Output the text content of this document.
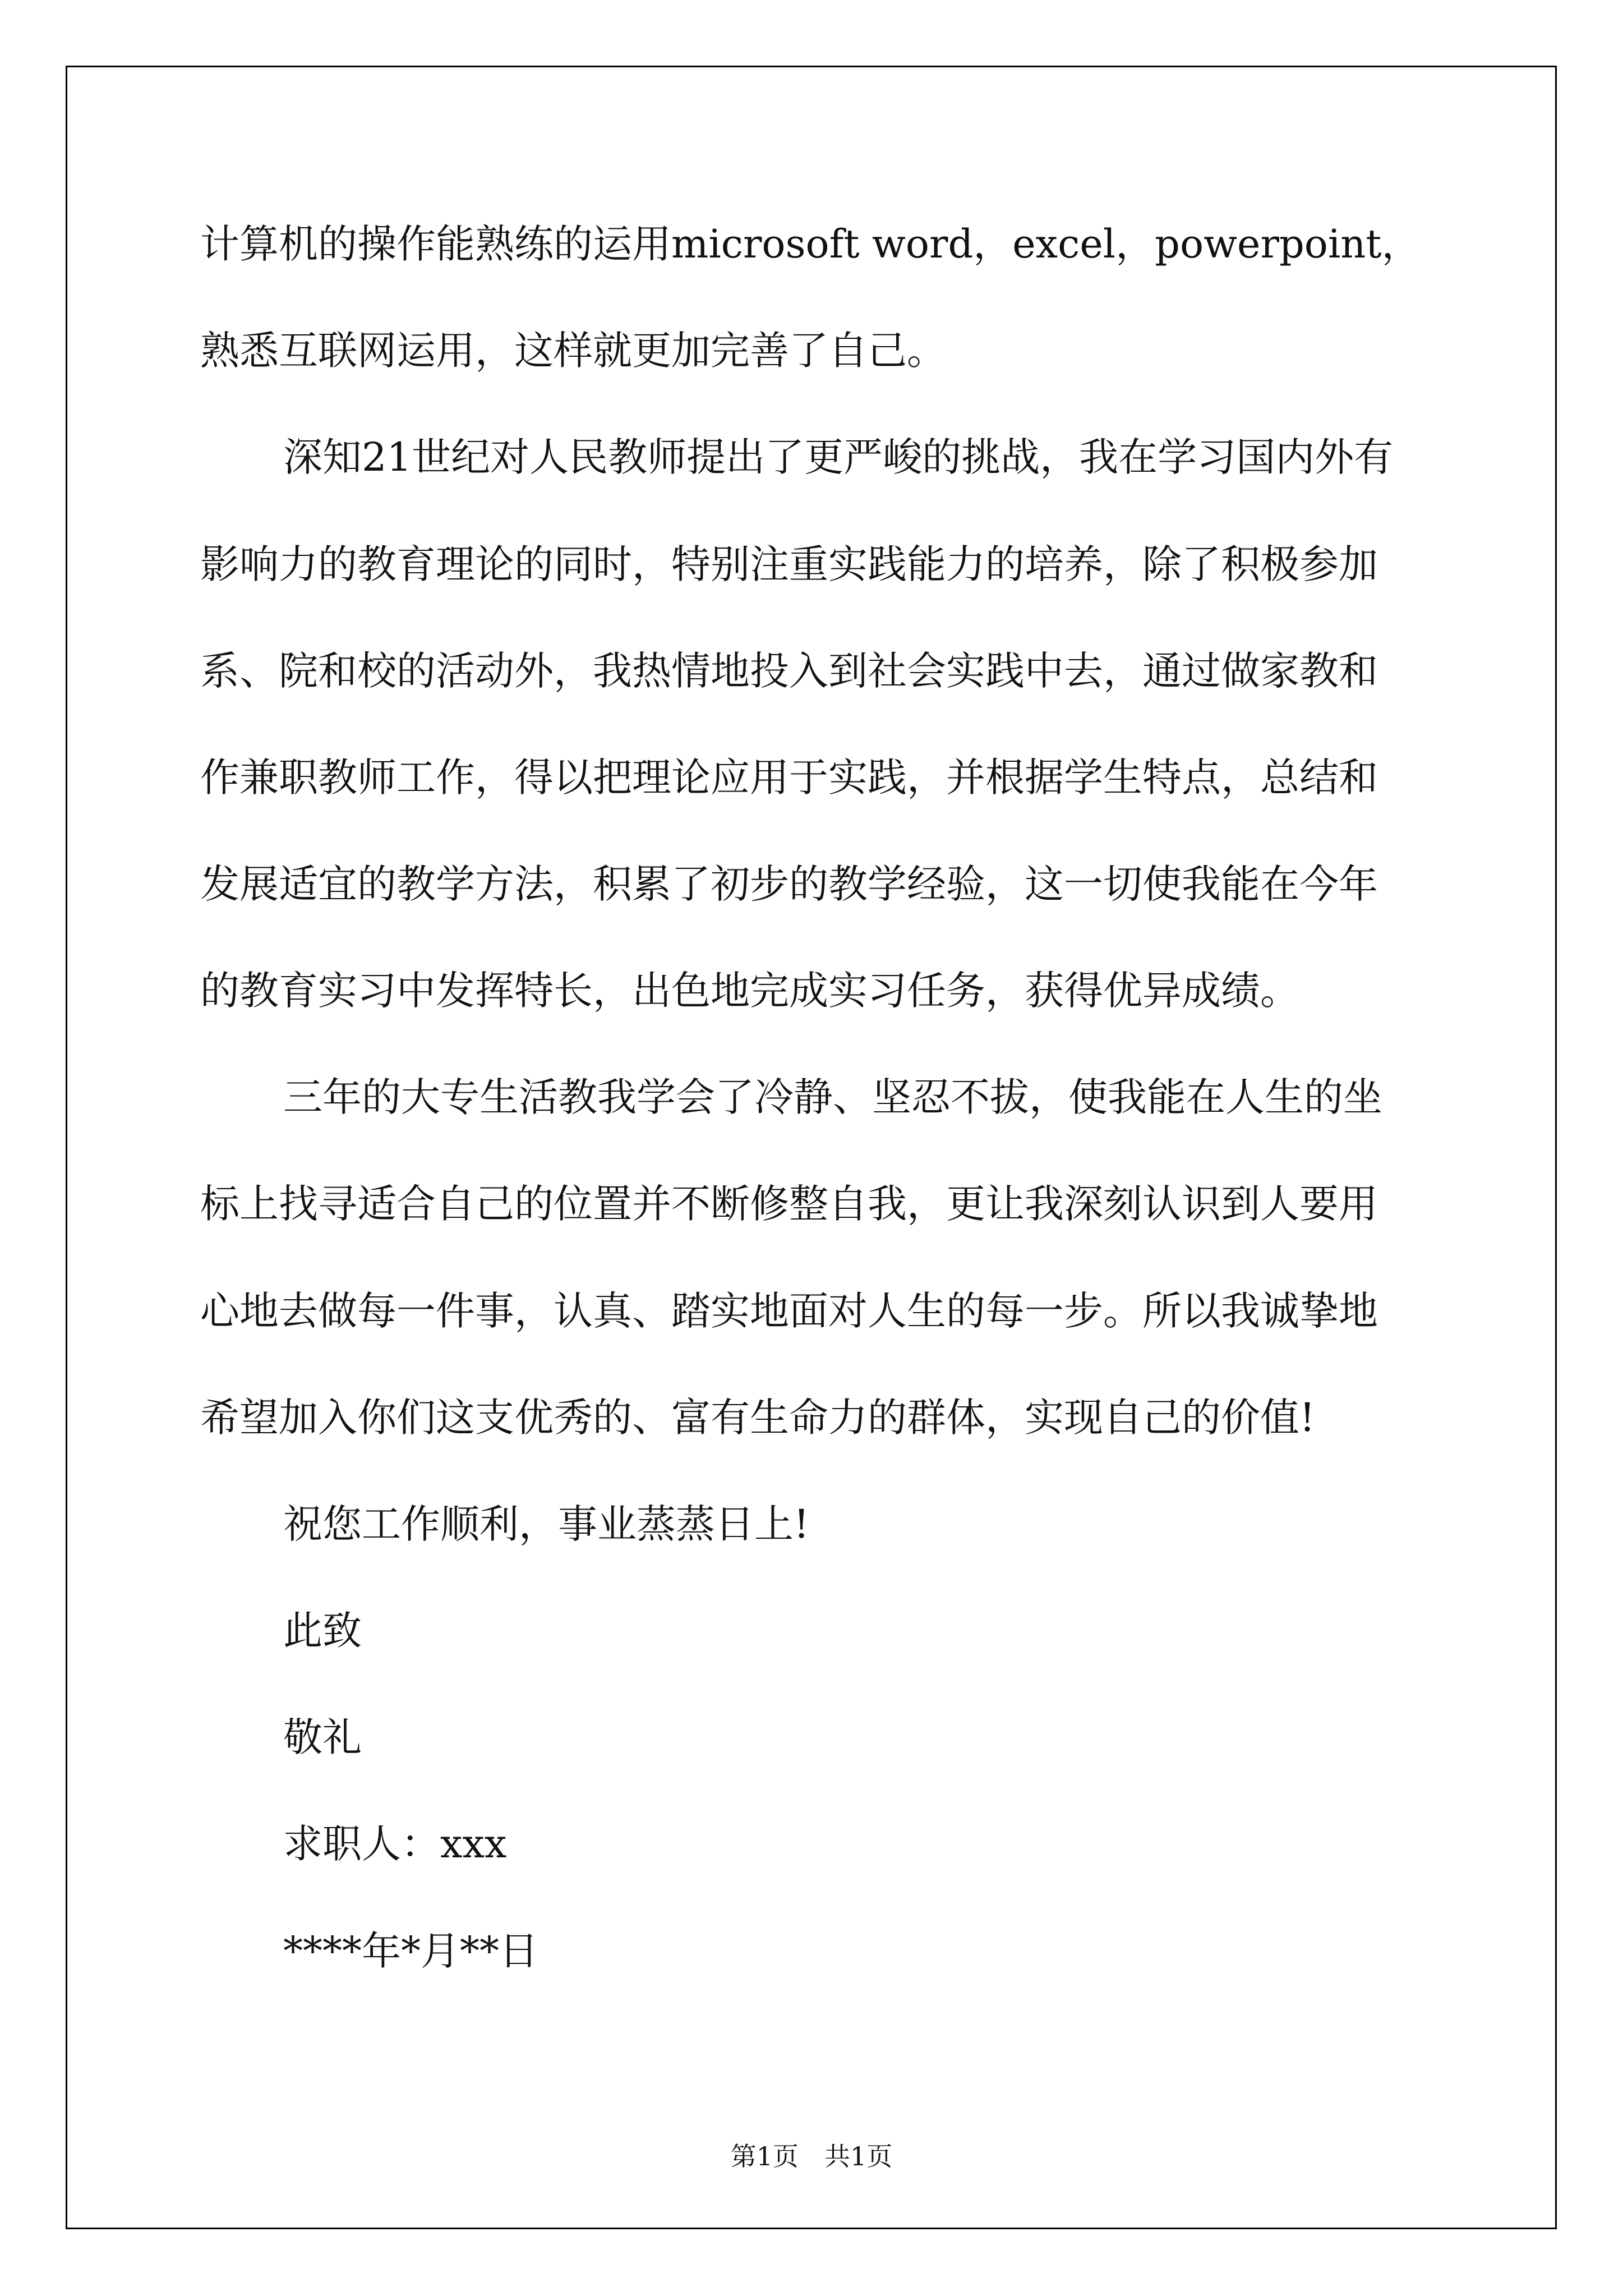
计算机的操作能熟练的运用microsoft word，excel，powerpoint，
熟悉互联网运用，这样就更加完善了自己。
深知21世纪对人民教师提出了更严峻的挑战，我在学习国内外有
影响力的教育理论的同时，特别注重实践能力的培养，除了积极参加
系、院和校的活动外，我热情地投入到社会实践中去，通过做家教和
作兼职教师工作，得以把理论应用于实践，并根据学生特点，总结和
发展适宜的教学方法，积累了初步的教学经验，这一切使我能在今年
的教育实习中发挥特长，出色地完成实习任务，获得优异成绩。
三年的大专生活教我学会了冷静、坚忍不拔，使我能在人生的坐
标上找寻适合自己的位置并不断修整自我，更让我深刻认识到人要用
心地去做每一件事，认真、踏实地面对人生的每一步。所以我诚挚地
希望加入你们这支优秀的、富有生命力的群体，实现自己的价值!
祝您工作顺利，事业蒸蒸日上!
此致
敬礼
求职人：xxx
****年*月**日
第1页　共1页
